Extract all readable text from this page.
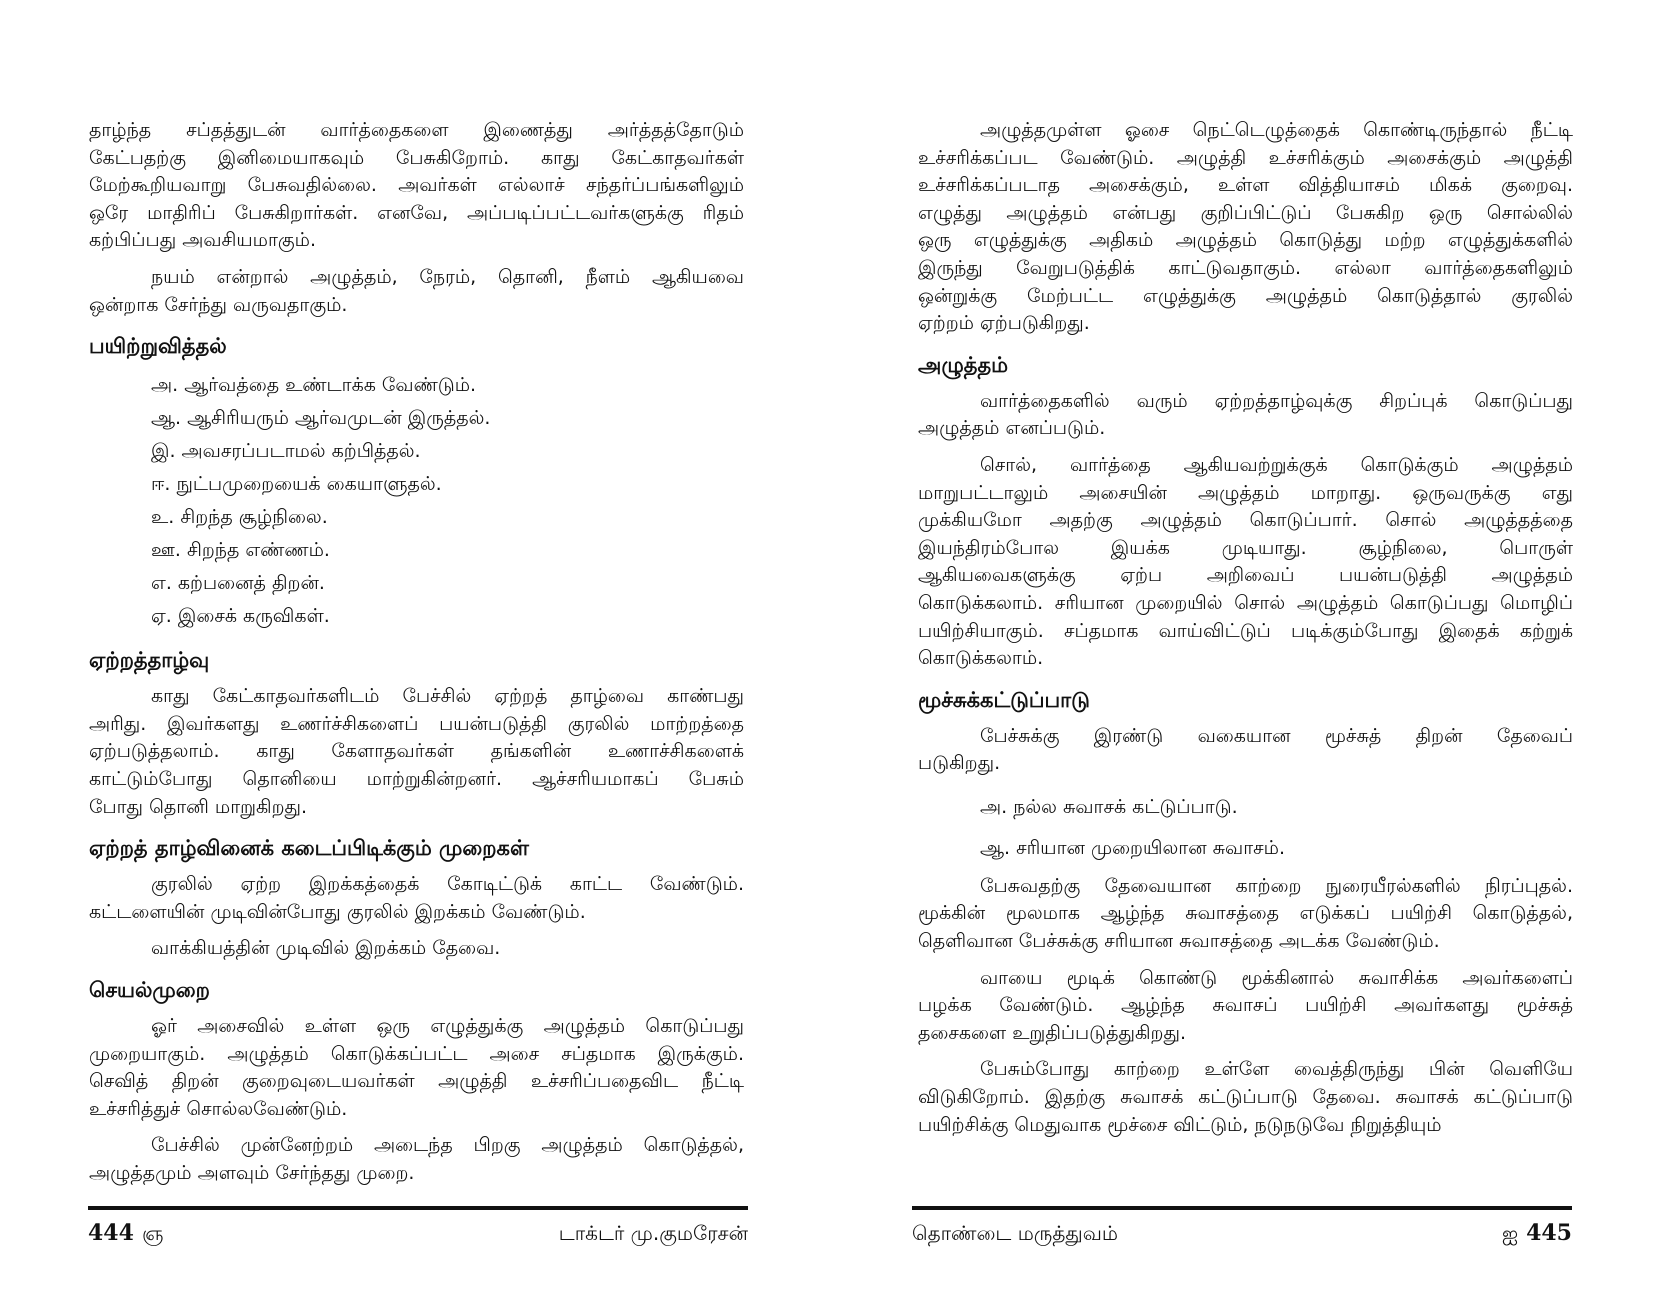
தாழ்ந்த சப்தத்துடன் வார்த்தைகளை இணைத்து அர்த்தத்தோடும்
கேட்பதற்கு இனிமையாகவும் பேசுகிறோம். காது கேட்காதவர்கள்
மேற்கூறியவாறு பேசுவதில்லை. அவர்கள் எல்லாச் சந்தர்ப்பங்களிலும்
ஒரே மாதிரிப் பேசுகிறார்கள். எனவே, அப்படிப்பட்டவர்களுக்கு ரிதம்
கற்பிப்பது அவசியமாகும்.

நயம் என்றால் அழுத்தம், நேரம், தொனி, நீளம் ஆகியவை
ஒன்றாக சேர்ந்து வருவதாகும்.

பயிற்றுவித்தல்
அ. ஆர்வத்தை உண்டாக்க வேண்டும்.
ஆ. ஆசிரியரும் ஆர்வமுடன் இருத்தல்.
இ. அவசரப்படாமல் கற்பித்தல்.
ஈ. நுட்பமுறையைக் கையாளுதல்.
உ. சிறந்த சூழ்நிலை.
ஊ. சிறந்த எண்ணம்.
எ. கற்பனைத் திறன்.
ஏ. இசைக் கருவிகள்.
ஏற்றத்தாழ்வு

காது கேட்காதவர்களிடம் பேச்சில் ஏற்றத் தாழ்வை காண்பது
அரிது. இவர்களது உணர்ச்சிகளைப் பயன்படுத்தி குரலில் மாற்றத்தை
ஏற்படுத்தலாம். காது கேளாதவர்கள் தங்களின் உணாச்சிகளைக்
காட்டும்போது தொனியை மாற்றுகின்றனர். ஆச்சரியமாகப் பேசும்
போது தொனி மாறுகிறது.

ஏற்றத் தாழ்வினைக் கடைப்பிடிக்கும் முறைகள்

குரலில் ஏற்ற இறக்கத்தைக் கோடிட்டுக் காட்ட வேண்டும்.
கட்டளையின் முடிவின்போது குரலில் இறக்கம் வேண்டும்.

வாக்கியத்தின் முடிவில் இறக்கம் தேவை.

செயல்முறை

ஓர் அசைவில் உள்ள ஒரு எழுத்துக்கு அழுத்தம் கொடுப்பது
முறையாகும். அழுத்தம் கொடுக்கப்பட்ட அசை சப்தமாக இருக்கும்.
செவித் திறன் குறைவுடையவர்கள் அழுத்தி உச்சரிப்பதைவிட நீட்டி
உச்சரித்துச் சொல்லவேண்டும்.

பேச்சில் முன்னேற்றம் அடைந்த பிறகு அழுத்தம் கொடுத்தல்,
அழுத்தமும் அளவும் சேர்ந்தது முறை.

அழுத்தமுள்ள ஓசை நெட்டெழுத்தைக் கொண்டிருந்தால் நீட்டி
உச்சரிக்கப்பட வேண்டும். அழுத்தி உச்சரிக்கும் அசைக்கும் அழுத்தி
உச்சரிக்கப்படாத அசைக்கும், உள்ள வித்தியாசம் மிகக் குறைவு.
எழுத்து அழுத்தம் என்பது குறிப்பிட்டுப் பேசுகிற ஒரு சொல்லில்
ஒரு எழுத்துக்கு அதிகம் அழுத்தம் கொடுத்து மற்ற எழுத்துக்களில்
இருந்து வேறுபடுத்திக் காட்டுவதாகும். எல்லா வார்த்தைகளிலும்
ஒன்றுக்கு மேற்பட்ட எழுத்துக்கு அழுத்தம் கொடுத்தால் குரலில்
ஏற்றம் ஏற்படுகிறது.

அழுத்தம்

வார்த்தைகளில் வரும் ஏற்றத்தாழ்வுக்கு சிறப்புக் கொடுப்பது
அழுத்தம் எனப்படும்.

சொல், வார்த்தை ஆகியவற்றுக்குக் கொடுக்கும் அழுத்தம்
மாறுபட்டாலும் அசையின் அழுத்தம் மாறாது. ஒருவருக்கு எது
முக்கியமோ அதற்கு அழுத்தம் கொடுப்பார். சொல் அழுத்தத்தை
இயந்திரம்போல இயக்க முடியாது. சூழ்நிலை, பொருள்
ஆகியவைகளுக்கு ஏற்ப அறிவைப் பயன்படுத்தி அழுத்தம்
கொடுக்கலாம். சரியான முறையில் சொல் அழுத்தம் கொடுப்பது மொழிப்
பயிற்சியாகும். சப்தமாக வாய்விட்டுப் படிக்கும்போது இதைக் கற்றுக்
கொடுக்கலாம்.

மூச்சுக்கட்டுப்பாடு

பேச்சுக்கு இரண்டு வகையான மூச்சுத் திறன் தேவைப்
படுகிறது.

அ. நல்ல சுவாசக் கட்டுப்பாடு.
ஆ. சரியான முறையிலான சுவாசம்.

பேசுவதற்கு தேவையான காற்றை நுரையீரல்களில் நிரப்புதல்.
மூக்கின் மூலமாக ஆழ்ந்த சுவாசத்தை எடுக்கப் பயிற்சி கொடுத்தல்,
தெளிவான பேச்சுக்கு சரியான சுவாசத்தை அடக்க வேண்டும்.

வாயை மூடிக் கொண்டு மூக்கினால் சுவாசிக்க அவர்களைப்
பழக்க வேண்டும். ஆழ்ந்த சுவாசப் பயிற்சி அவர்களது மூச்சுத்
தசைகளை உறுதிப்படுத்துகிறது.

பேசும்போது காற்றை உள்ளே வைத்திருந்து பின் வெளியே
விடுகிறோம். இதற்கு சுவாசக் கட்டுப்பாடு தேவை. சுவாசக் கட்டுப்பாடு
பயிற்சிக்கு மெதுவாக மூச்சை விட்டும், நடுநடுவே நிறுத்தியும்

444 ஞ	டாக்டர் மு.குமரேசன்	தொண்டை மருத்துவம்	ஐ 445
